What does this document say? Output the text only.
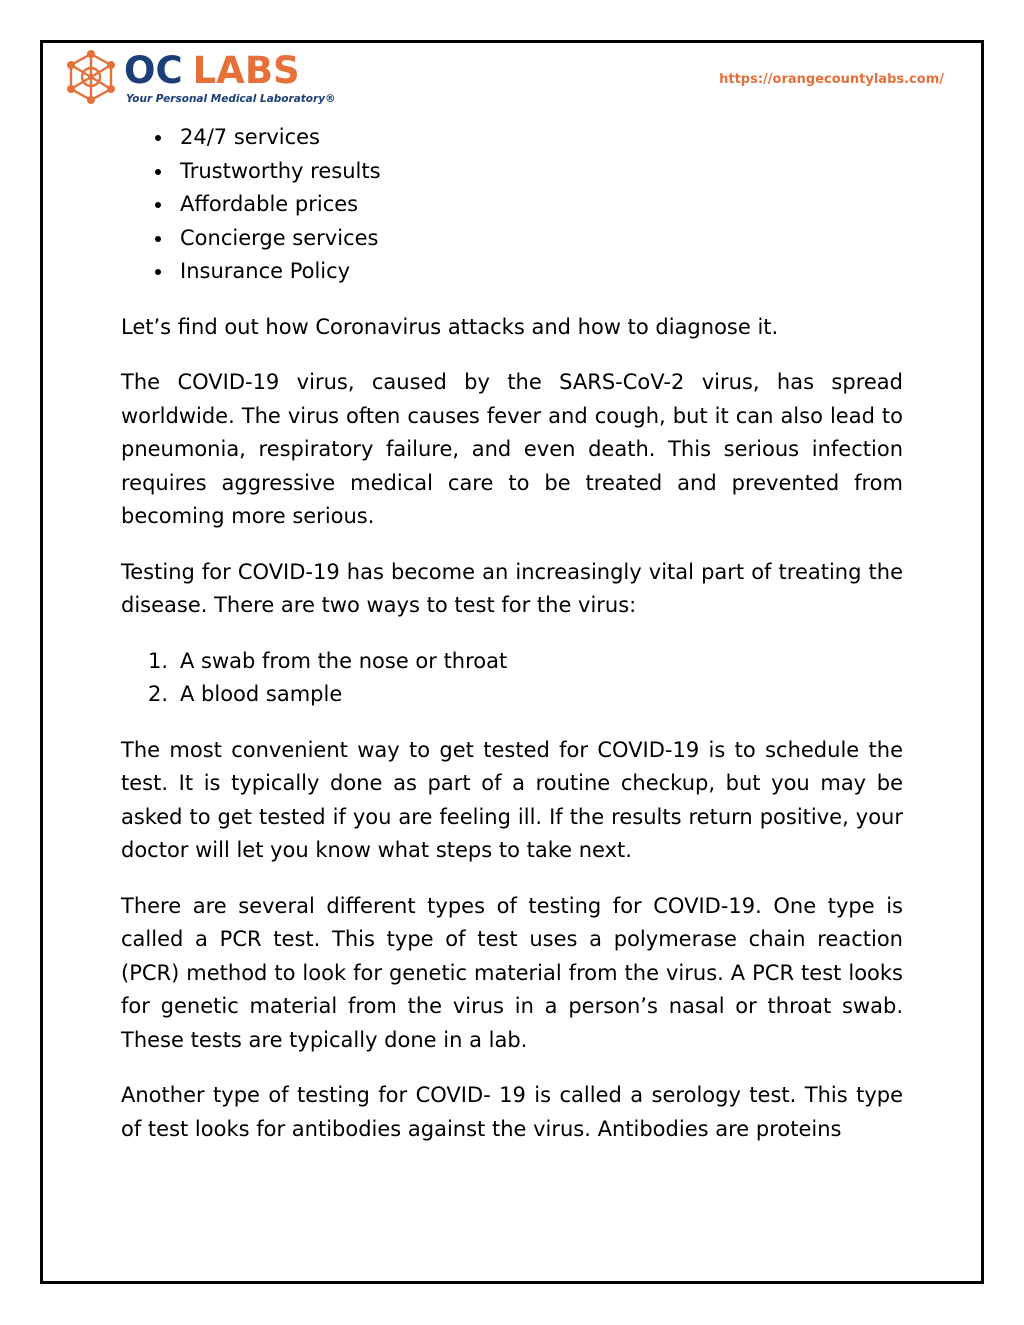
OC LABS
Your Personal Medical Laboratory®
https://orangecountylabs.com/
24/7 services
Trustworthy results
Affordable prices
Concierge services
Insurance Policy

Let’s find out how Coronavirus attacks and how to diagnose it.

The COVID-19 virus, caused by the SARS-CoV-2 virus, has spread worldwide. The virus often causes fever and cough, but it can also lead to pneumonia, respiratory failure, and even death. This serious infection requires aggressive medical care to be treated and prevented from becoming more serious.

Testing for COVID-19 has become an increasingly vital part of treating the disease. There are two ways to test for the virus:

1. A swab from the nose or throat
2. A blood sample

The most convenient way to get tested for COVID-19 is to schedule the test. It is typically done as part of a routine checkup, but you may be asked to get tested if you are feeling ill. If the results return positive, your doctor will let you know what steps to take next.

There are several different types of testing for COVID-19. One type is called a PCR test. This type of test uses a polymerase chain reaction (PCR) method to look for genetic material from the virus. A PCR test looks for genetic material from the virus in a person’s nasal or throat swab. These tests are typically done in a lab.

Another type of testing for COVID- 19 is called a serology test. This type of test looks for antibodies against the virus. Antibodies are proteins
